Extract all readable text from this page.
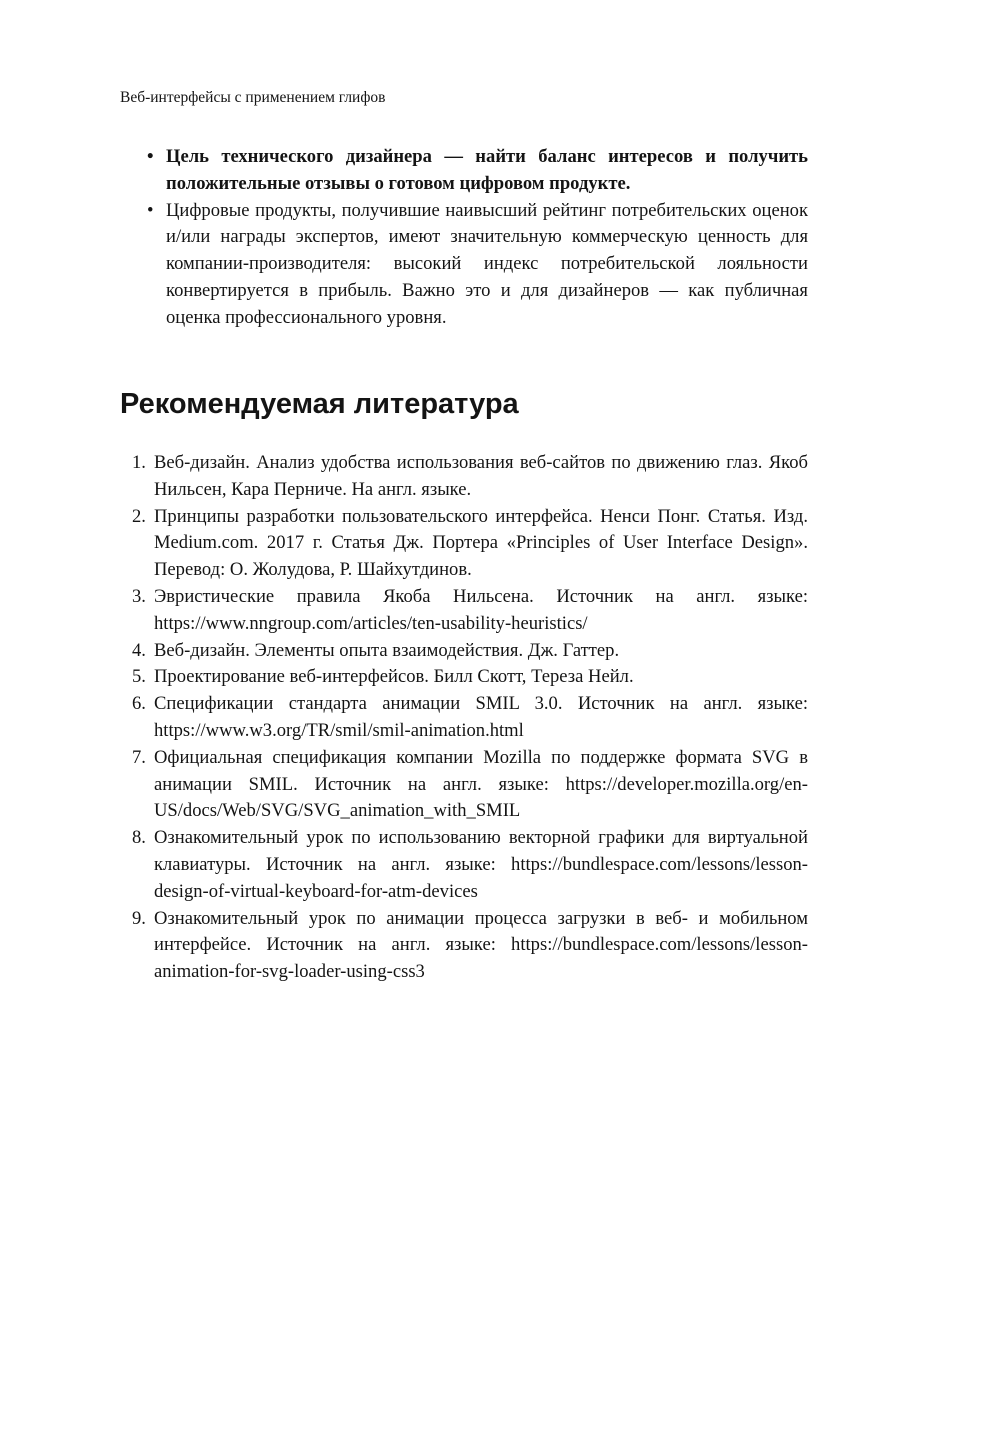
Веб-интерфейсы с применением глифов
• Цель технического дизайнера — найти баланс интересов и получить положительные отзывы о готовом цифровом продукте.
• Цифровые продукты, получившие наивысший рейтинг потребительских оценок и/или награды экспертов, имеют значительную коммерческую ценность для компании-производителя: высокий индекс потребительской лояльности конвертируется в прибыль. Важно это и для дизайнеров — как публичная оценка профессионального уровня.
Рекомендуемая литература
1. Веб-дизайн. Анализ удобства использования веб-сайтов по движению глаз. Якоб Нильсен, Кара Перниче. На англ. языке.
2. Принципы разработки пользовательского интерфейса. Ненси Понг. Статья. Изд. Medium.com. 2017 г. Статья Дж. Портера «Principles of User Interface Design». Перевод: О. Жолудова, Р. Шайхутдинов.
3. Эвристические правила Якоба Нильсена. Источник на англ. языке: https://www.nngroup.com/articles/ten-usability-heuristics/
4. Веб-дизайн. Элементы опыта взаимодействия. Дж. Гаттер.
5. Проектирование веб-интерфейсов. Билл Скотт, Тереза Нейл.
6. Спецификации стандарта анимации SMIL 3.0. Источник на англ. языке: https://www.w3.org/TR/smil/smil-animation.html
7. Официальная спецификация компании Mozilla по поддержке формата SVG в анимации SMIL. Источник на англ. языке: https://developer.mozilla.org/en-US/docs/Web/SVG/SVG_animation_with_SMIL
8. Ознакомительный урок по использованию векторной графики для виртуальной клавиатуры. Источник на англ. языке: https://bundlespace.com/lessons/lesson-design-of-virtual-keyboard-for-atm-devices
9. Ознакомительный урок по анимации процесса загрузки в веб- и мобильном интерфейсе. Источник на англ. языке: https://bundlespace.com/lessons/lesson-animation-for-svg-loader-using-css3
